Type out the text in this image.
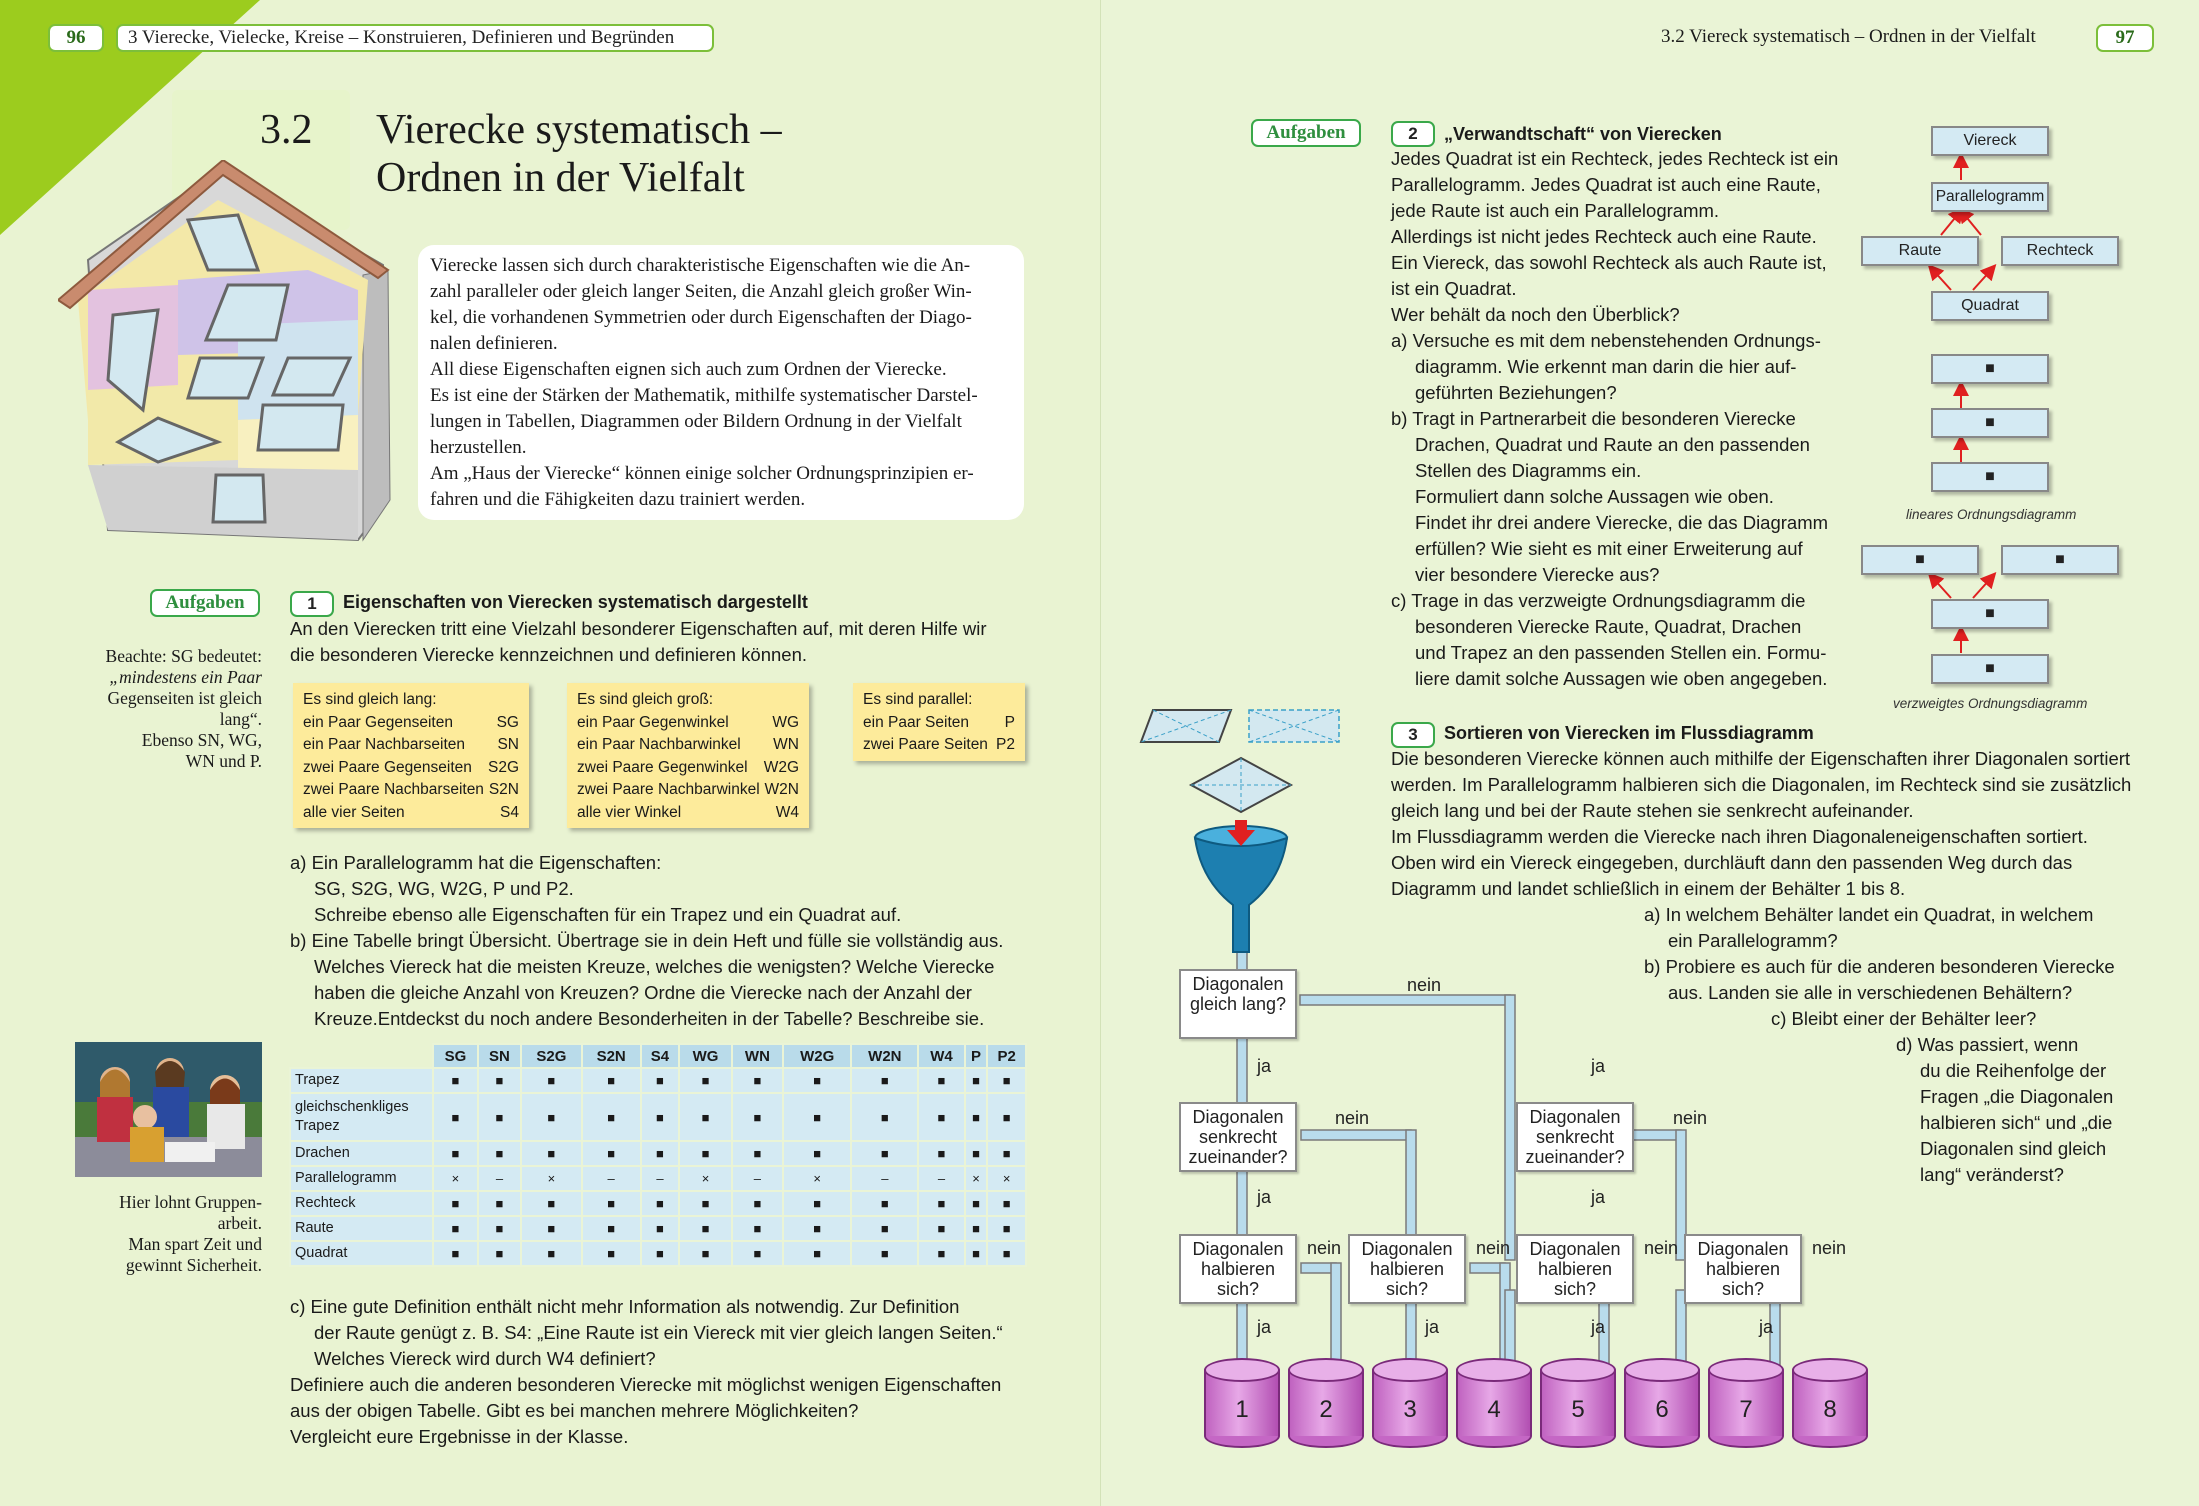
96	3 Vierecke, Vielecke, Kreise – Konstruieren, Definieren und Begründen
3.2 Vierecke systematisch –
Ordnen in der Vielfalt
Vierecke lassen sich durch charakteristische Eigenschaften wie die An-
zahl paralleler oder gleich langer Seiten, die Anzahl gleich großer Win-
kel, die vorhandenen Symmetrien oder durch Eigenschaften der Diago-
nalen definieren.
All diese Eigenschaften eignen sich auch zum Ordnen der Vierecke.
Es ist eine der Stärken der Mathematik, mithilfe systematischer Darstel-
lungen in Tabellen, Diagrammen oder Bildern Ordnung in der Vielfalt
herzustellen.
Am „Haus der Vierecke“ können einige solcher Ordnungsprinzipien er-
fahren und die Fähigkeiten dazu trainiert werden.
Aufgaben
Beachte: SG bedeutet:
„mindestens ein Paar
Gegenseiten ist gleich
lang“.
Ebenso SN, WG,
WN und P.
1	Eigenschaften von Vierecken systematisch dargestellt
An den Vierecken tritt eine Vielzahl besonderer Eigenschaften auf, mit deren Hilfe wir
die besonderen Vierecke kennzeichnen und definieren können.
Es sind gleich lang:
ein Paar Gegenseiten	SG
ein Paar Nachbarseiten SN
zwei Paare Gegenseiten S2G
zwei Paare Nachbarseiten S2N
alle vier Seiten	S4
Es sind gleich groß:
ein Paar Gegenwinkel	WG
ein Paar Nachbarwinkel WN
zwei Paare Gegenwinkel W2G
zwei Paare Nachbarwinkel W2N
alle vier Winkel	W4
Es sind parallel:
ein Paar Seiten P
zwei Paare Seiten P2
a) Ein Parallelogramm hat die Eigenschaften:
SG, S2G, WG, W2G, P und P2.
Schreibe ebenso alle Eigenschaften für ein Trapez und ein Quadrat auf.
b) Eine Tabelle bringt Übersicht. Übertrage sie in dein Heft und fülle sie vollständig aus.
Welches Viereck hat die meisten Kreuze, welches die wenigsten? Welche Vierecke
haben die gleiche Anzahl von Kreuzen? Ordne die Vierecke nach der Anzahl der
Kreuze.Entdeckst du noch andere Besonderheiten in der Tabelle? Beschreibe sie.
Hier lohnt Gruppen-
arbeit.
Man spart Zeit und
gewinnt Sicherheit.
	SG	SN	S2G	S2N	S4	WG	WN	W2G	W2N	W4	P	P2
Trapez	■	■	■	■	■	■	■	■	■	■	■	■
gleichschenkliges Trapez	■	■	■	■	■	■	■	■	■	■	■	■
Drachen	■	■	■	■	■	■	■	■	■	■	■	■
Parallelogramm	×	–	×	–	–	×	–	×	–	–	×	×
Rechteck	■	■	■	■	■	■	■	■	■	■	■	■
Raute	■	■	■	■	■	■	■	■	■	■	■	■
Quadrat	■	■	■	■	■	■	■	■	■	■	■	■
c) Eine gute Definition enthält nicht mehr Information als notwendig. Zur Definition
der Raute genügt z. B. S4: „Eine Raute ist ein Viereck mit vier gleich langen Seiten.“
Welches Viereck wird durch W4 definiert?
Definiere auch die anderen besonderen Vierecke mit möglichst wenigen Eigenschaften
aus der obigen Tabelle. Gibt es bei manchen mehrere Möglichkeiten?
Vergleicht eure Ergebnisse in der Klasse.
3.2 Viereck systematisch – Ordnen in der Vielfalt	97
Aufgaben	2	„Verwandtschaft“ von Vierecken
Jedes Quadrat ist ein Rechteck, jedes Rechteck ist ein
Parallelogramm. Jedes Quadrat ist auch eine Raute,
jede Raute ist auch ein Parallelogramm.
Allerdings ist nicht jedes Rechteck auch eine Raute.
Ein Viereck, das sowohl Rechteck als auch Raute ist,
ist ein Quadrat.
Wer behält da noch den Überblick?
a) Versuche es mit dem nebenstehenden Ordnungs-
diagramm. Wie erkennt man darin die hier auf-
geführten Beziehungen?
b) Tragt in Partnerarbeit die besonderen Vierecke
Drachen, Quadrat und Raute an den passenden
Stellen des Diagramms ein.
Formuliert dann solche Aussagen wie oben.
Findet ihr drei andere Vierecke, die das Diagramm
erfüllen? Wie sieht es mit einer Erweiterung auf
vier besondere Vierecke aus?
c) Trage in das verzweigte Ordnungsdiagramm die
besonderen Vierecke Raute, Quadrat, Drachen
und Trapez an den passenden Stellen ein. Formu-
liere damit solche Aussagen wie oben angegeben.
Viereck
Parallelogramm
Raute	Rechteck
Quadrat
■
■
■
lineares Ordnungsdiagramm
■	■
■
■
verzweigtes Ordnungsdiagramm
3	Sortieren von Vierecken im Flussdiagramm
Die besonderen Vierecke können auch mithilfe der Eigenschaften ihrer Diagonalen sortiert
werden. Im Parallelogramm halbieren sich die Diagonalen, im Rechteck sind sie zusätzlich
gleich lang und bei der Raute stehen sie senkrecht aufeinander.
Im Flussdiagramm werden die Vierecke nach ihren Diagonaleneigenschaften sortiert.
Oben wird ein Viereck eingegeben, durchläuft dann den passenden Weg durch das
Diagramm und landet schließlich in einem der Behälter 1 bis 8.
a) In welchem Behälter landet ein Quadrat, in welchem
ein Parallelogramm?
b) Probiere es auch für die anderen besonderen Vierecke
aus. Landen sie alle in verschiedenen Behältern?
c) Bleibt einer der Behälter leer?
d) Was passiert, wenn
du die Reihenfolge der
Fragen „die Diagonalen
halbieren sich“ und „die
Diagonalen sind gleich
lang“ veränderst?
Diagonalen
gleich lang?
Diagonalen
senkrecht
zueinander?
Diagonalen
senkrecht
zueinander?
Diagonalen
halbieren
sich?
Diagonalen
halbieren
sich?
Diagonalen
halbieren
sich?
Diagonalen
halbieren
sich?
nein
ja	ja
nein	nein
ja	ja
nein	nein	nein	nein
ja	ja	ja	ja
1	2	3	4	5	6	7	8
